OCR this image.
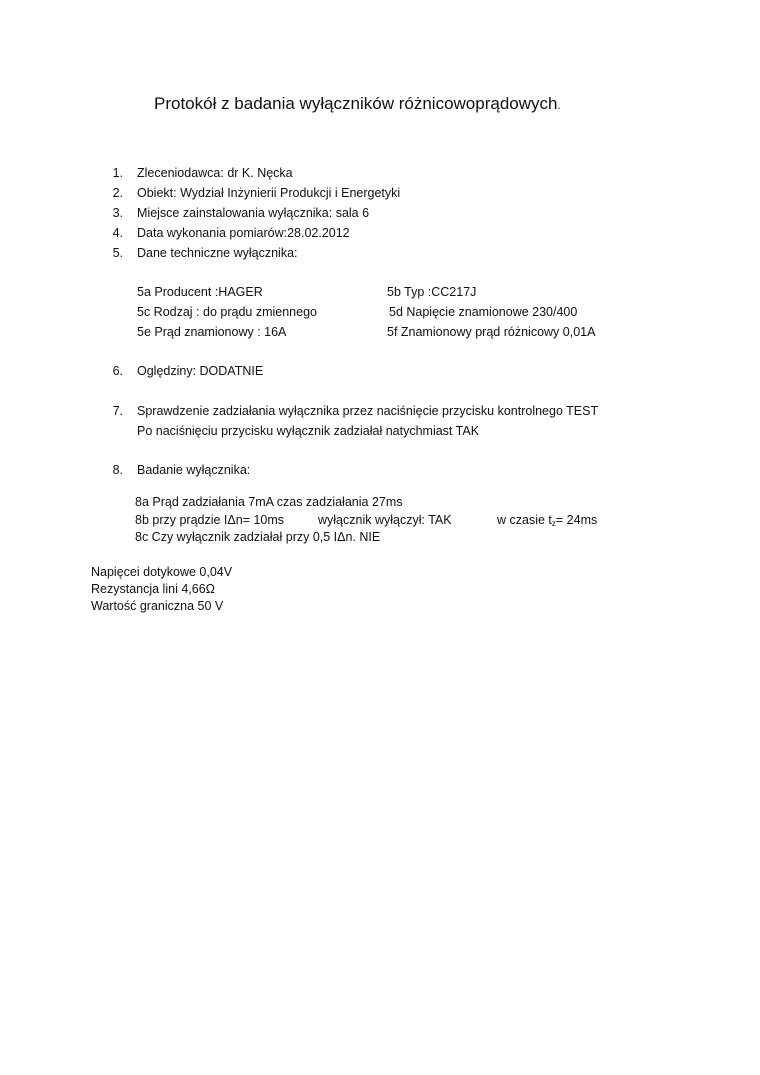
Protokół z badania wyłączników różnicowoprądowych.
1. Zleceniodawca: dr K. Nęcka
2. Obiekt: Wydział Inżynierii Produkcji i Energetyki
3. Miejsce zainstalowania wyłącznika: sala 6
4. Data wykonania pomiarów:28.02.2012
5. Dane techniczne wyłącznika:
5a Producent :HAGER	5b Typ :CC217J
5c Rodzaj : do prądu zmiennego	5d Napięcie znamionowe 230/400
5e Prąd znamionowy : 16A	5f Znamionowy prąd różnicowy 0,01A
6. Oględziny: DODATNIE
7. Sprawdzenie zadziałania wyłącznika przez naciśnięcie przycisku kontrolnego TEST
Po naciśnięciu przycisku wyłącznik zadziałał natychmiast TAK
8. Badanie wyłącznika:
8a Prąd zadziałania 7mA czas zadziałania 27ms
8b przy prądzie IΔn= 10ms	wyłącznik wyłączył: TAK	w czasie $t_z= 24ms$
8c Czy wyłącznik zadziałał przy 0,5 IΔn. NIE
Napięcei dotykowe 0,04V
Rezystancja lini 4,66Ω
Wartość graniczna 50 V
